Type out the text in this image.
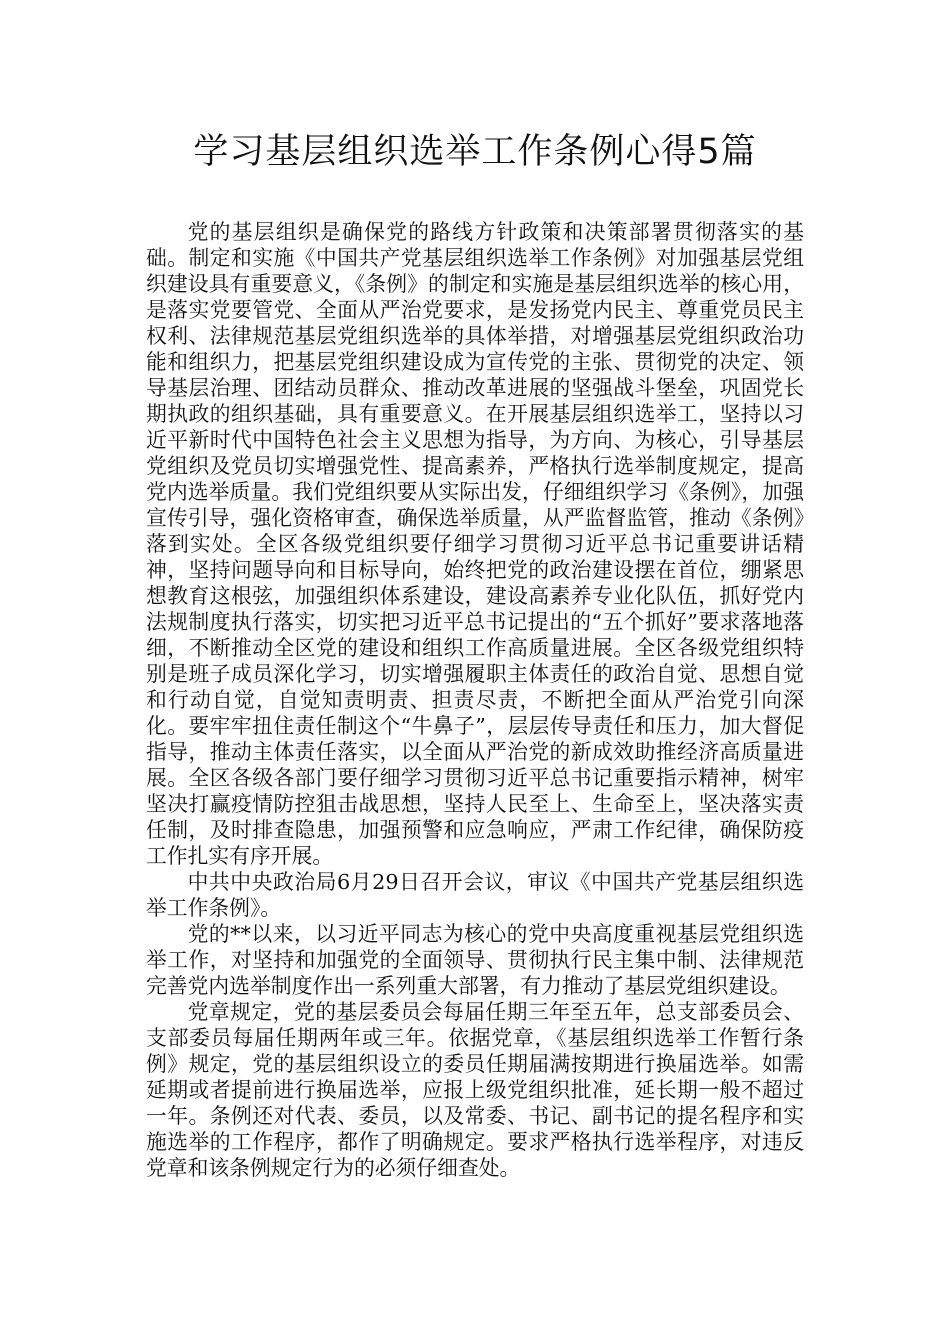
学习基层组织选举工作条例心得5篇

党的基层组织是确保党的路线方针政策和决策部署贯彻落实的基础。制定和实施《中国共产党基层组织选举工作条例》对加强基层党组织建设具有重要意义，《条例》的制定和实施是基层组织选举的核心用，是落实党要管党、全面从严治党要求，是发扬党内民主、尊重党员民主权利、法律规范基层党组织选举的具体举措，对增强基层党组织政治功能和组织力，把基层党组织建设成为宣传党的主张、贯彻党的决定、领导基层治理、团结动员群众、推动改革进展的坚强战斗堡垒，巩固党长期执政的组织基础，具有重要意义。在开展基层组织选举工，坚持以习近平新时代中国特色社会主义思想为指导，为方向、为核心，引导基层党组织及党员切实增强党性、提高素养，严格执行选举制度规定，提高党内选举质量。我们党组织要从实际出发，仔细组织学习《条例》，加强宣传引导，强化资格审查，确保选举质量，从严监督监管，推动《条例》落到实处。全区各级党组织要仔细学习贯彻习近平总书记重要讲话精神，坚持问题导向和目标导向，始终把党的政治建设摆在首位，绷紧思想教育这根弦，加强组织体系建设，建设高素养专业化队伍，抓好党内法规制度执行落实，切实把习近平总书记提出的“五个抓好”要求落地落细，不断推动全区党的建设和组织工作高质量进展。全区各级党组织特别是班子成员深化学习，切实增强履职主体责任的政治自觉、思想自觉和行动自觉，自觉知责明责、担责尽责，不断把全面从严治党引向深化。要牢牢扭住责任制这个“牛鼻子”，层层传导责任和压力，加大督促指导，推动主体责任落实，以全面从严治党的新成效助推经济高质量进展。全区各级各部门要仔细学习贯彻习近平总书记重要指示精神，树牢坚决打赢疫情防控狙击战思想，坚持人民至上、生命至上，坚决落实责任制，及时排查隐患，加强预警和应急响应，严肃工作纪律，确保防疫工作扎实有序开展。

中共中央政治局6月29日召开会议，审议《中国共产党基层组织选举工作条例》。

党的**以来，以习近平同志为核心的党中央高度重视基层党组织选举工作，对坚持和加强党的全面领导、贯彻执行民主集中制、法律规范完善党内选举制度作出一系列重大部署，有力推动了基层党组织建设。

党章规定，党的基层委员会每届任期三年至五年，总支部委员会、支部委员每届任期两年或三年。依据党章，《基层组织选举工作暂行条例》规定，党的基层组织设立的委员任期届满按期进行换届选举。如需延期或者提前进行换届选举，应报上级党组织批准，延长期一般不超过一年。条例还对代表、委员，以及常委、书记、副书记的提名程序和实施选举的工作程序，都作了明确规定。要求严格执行选举程序，对违反党章和该条例规定行为的必须仔细查处。
